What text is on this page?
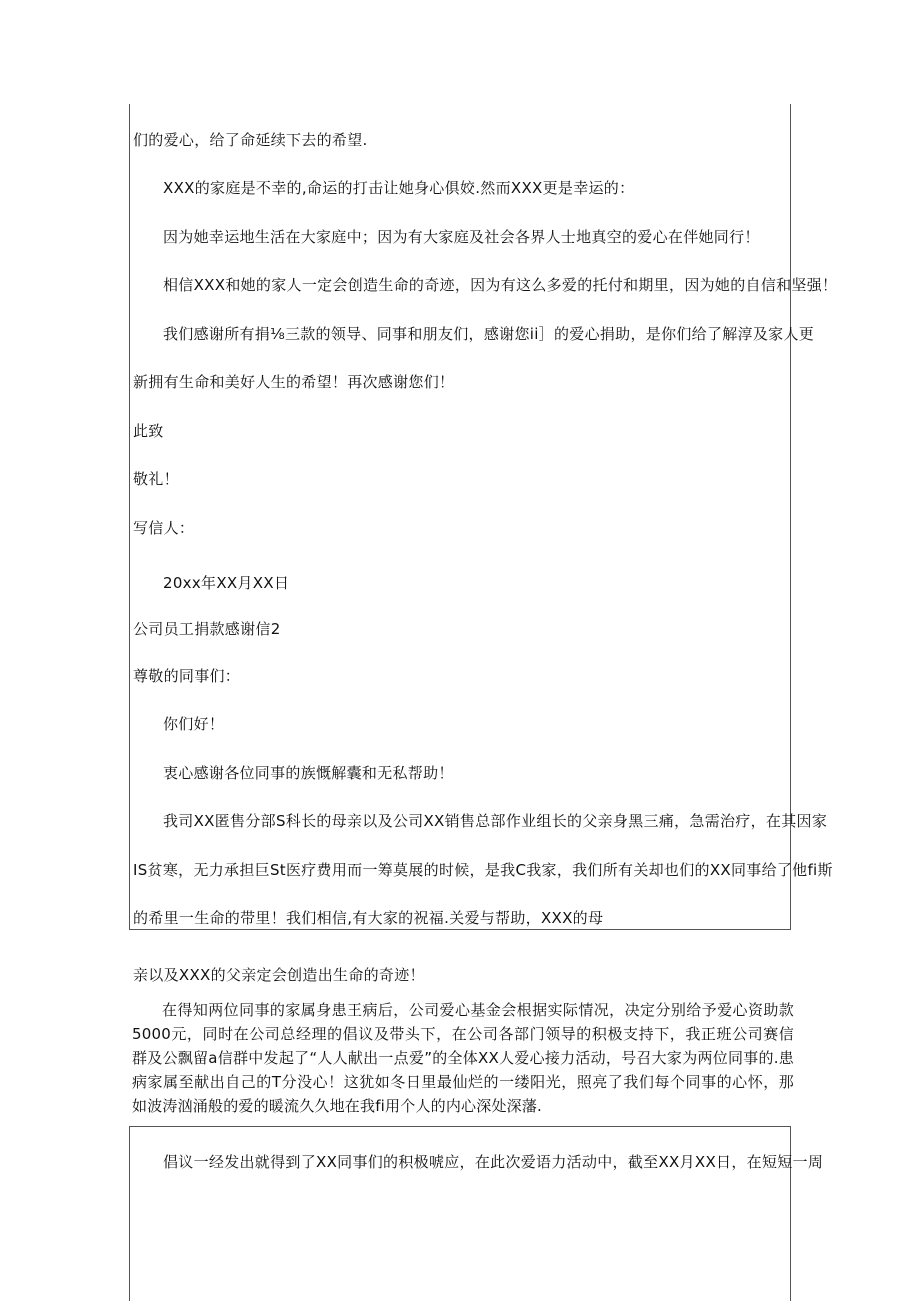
们的爱心，给了命延续下去的希望.
XXX的家庭是不幸的,命运的打击让她身心俱姣.然而XXX更是幸运的：
因为她幸运地生活在大家庭中；因为有大家庭及社会各界人士地真空的爱心在伴她同行！
相信XXX和她的家人一定会创造生命的奇迹，因为有这么多爱的托付和期里，因为她的自信和坚强！
我们感谢所有捐⅛三款的领导、同事和朋友们，感谢您ii］的爱心捐助，是你们给了解淳及家人更
新拥有生命和美好人生的希望！再次感谢您们！
此致
敬礼！
写信人：
20xx年XX月XX日
公司员工捐款感谢信2
尊敬的同事们：
你们好！
衷心感谢各位同事的族慨解囊和无私帮助！
我司XX匿售分部S科长的母亲以及公司XX销售总部作业组长的父亲身黑三痛，急需治疗，在其因家
IS贫寒，无力承担巨St医疗费用而一筹莫展的时候，是我C我家，我们所有关却也们的XX同事给了他fi斯
的希里一生命的带里！我们相信,有大家的祝福.关爱与帮助，XXX的母
亲以及XXX的父亲定会创造出生命的奇迹！
在得知两位同事的家属身患王病后，公司爱心基金会根据实际情况，决定分别给予爱心资助款5000元，同时在公司总经理的倡议及带头下，在公司各部门领导的积极支持下，我正班公司赛信群及公飘留a信群中发起了“人人献出一点爱”的全体XX人爱心接力活动，号召大家为两位同事的.患病家属至献出自己的T分没心！这犹如冬日里最仙烂的一缕阳光，照亮了我们每个同事的心怀，那如波涛汹涌般的爱的暖流久久地在我fi用个人的内心深处深藩.
倡议一经发出就得到了XX同事们的积极唬应，在此次爱语力活动中，截至XX月XX日，在短短一周
